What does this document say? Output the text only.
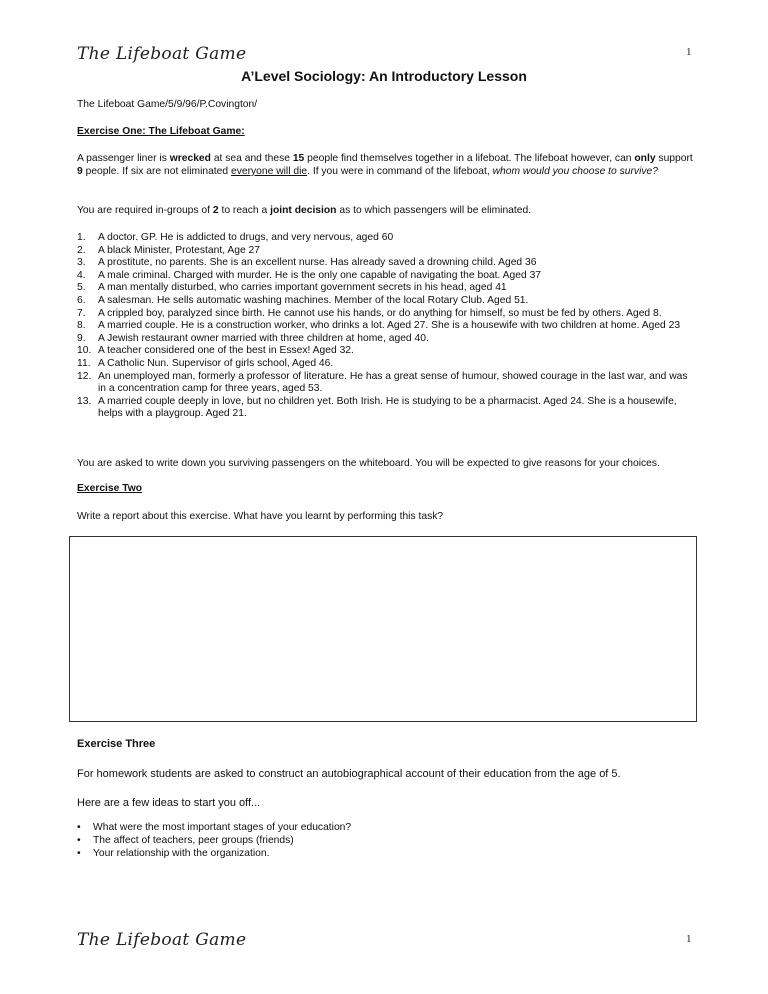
The Lifeboat Game	1
A’Level Sociology: An Introductory Lesson
The Lifeboat Game/5/9/96/P.Covington/
Exercise One: The Lifeboat Game:
A passenger liner is wrecked at sea and these 15 people find themselves together in a lifeboat. The lifeboat however, can only support 9 people. If six are not eliminated everyone will die. If you were in command of the lifeboat, whom would you choose to survive?
You are required in-groups of 2 to reach a joint decision as to which passengers will be eliminated.
1.	A doctor. GP. He is addicted to drugs, and very nervous, aged 60
2.	A black Minister, Protestant, Age 27
3.	A prostitute, no parents. She is an excellent nurse. Has already saved a drowning child. Aged 36
4.	A male criminal. Charged with murder. He is the only one capable of navigating the boat. Aged 37
5.	A man mentally disturbed, who carries important government secrets in his head, aged 41
6.	A salesman. He sells automatic washing machines. Member of the local Rotary Club. Aged 51.
7.	A crippled boy, paralyzed since birth. He cannot use his hands, or do anything for himself, so must be fed by others. Aged 8.
8.	A married couple. He is a construction worker, who drinks a lot. Aged 27. She is a housewife with two children at home. Aged 23
9.	A Jewish restaurant owner married with three children at home, aged 40.
10. A teacher considered one of the best in Essex! Aged 32.
11. A Catholic Nun. Supervisor of girls school, Aged 46.
12. An unemployed man, formerly a professor of literature. He has a great sense of humour, showed courage in the last war, and was in a concentration camp for three years, aged 53.
13. A married couple deeply in love, but no children yet. Both Irish. He is studying to be a pharmacist. Aged 24. She is a housewife, helps with a playgroup. Aged 21.
You are asked to write down you surviving passengers on the whiteboard. You will be expected to give reasons for your choices.
Exercise Two
Write a report about this exercise. What have you learnt by performing this task?
Exercise Three
For homework students are asked to construct an autobiographical account of their education from the age of 5.
Here are a few ideas to start you off...
•	What were the most important stages of your education?
•	The affect of teachers, peer groups (friends)
•	Your relationship with the organization.
The Lifeboat Game	1
